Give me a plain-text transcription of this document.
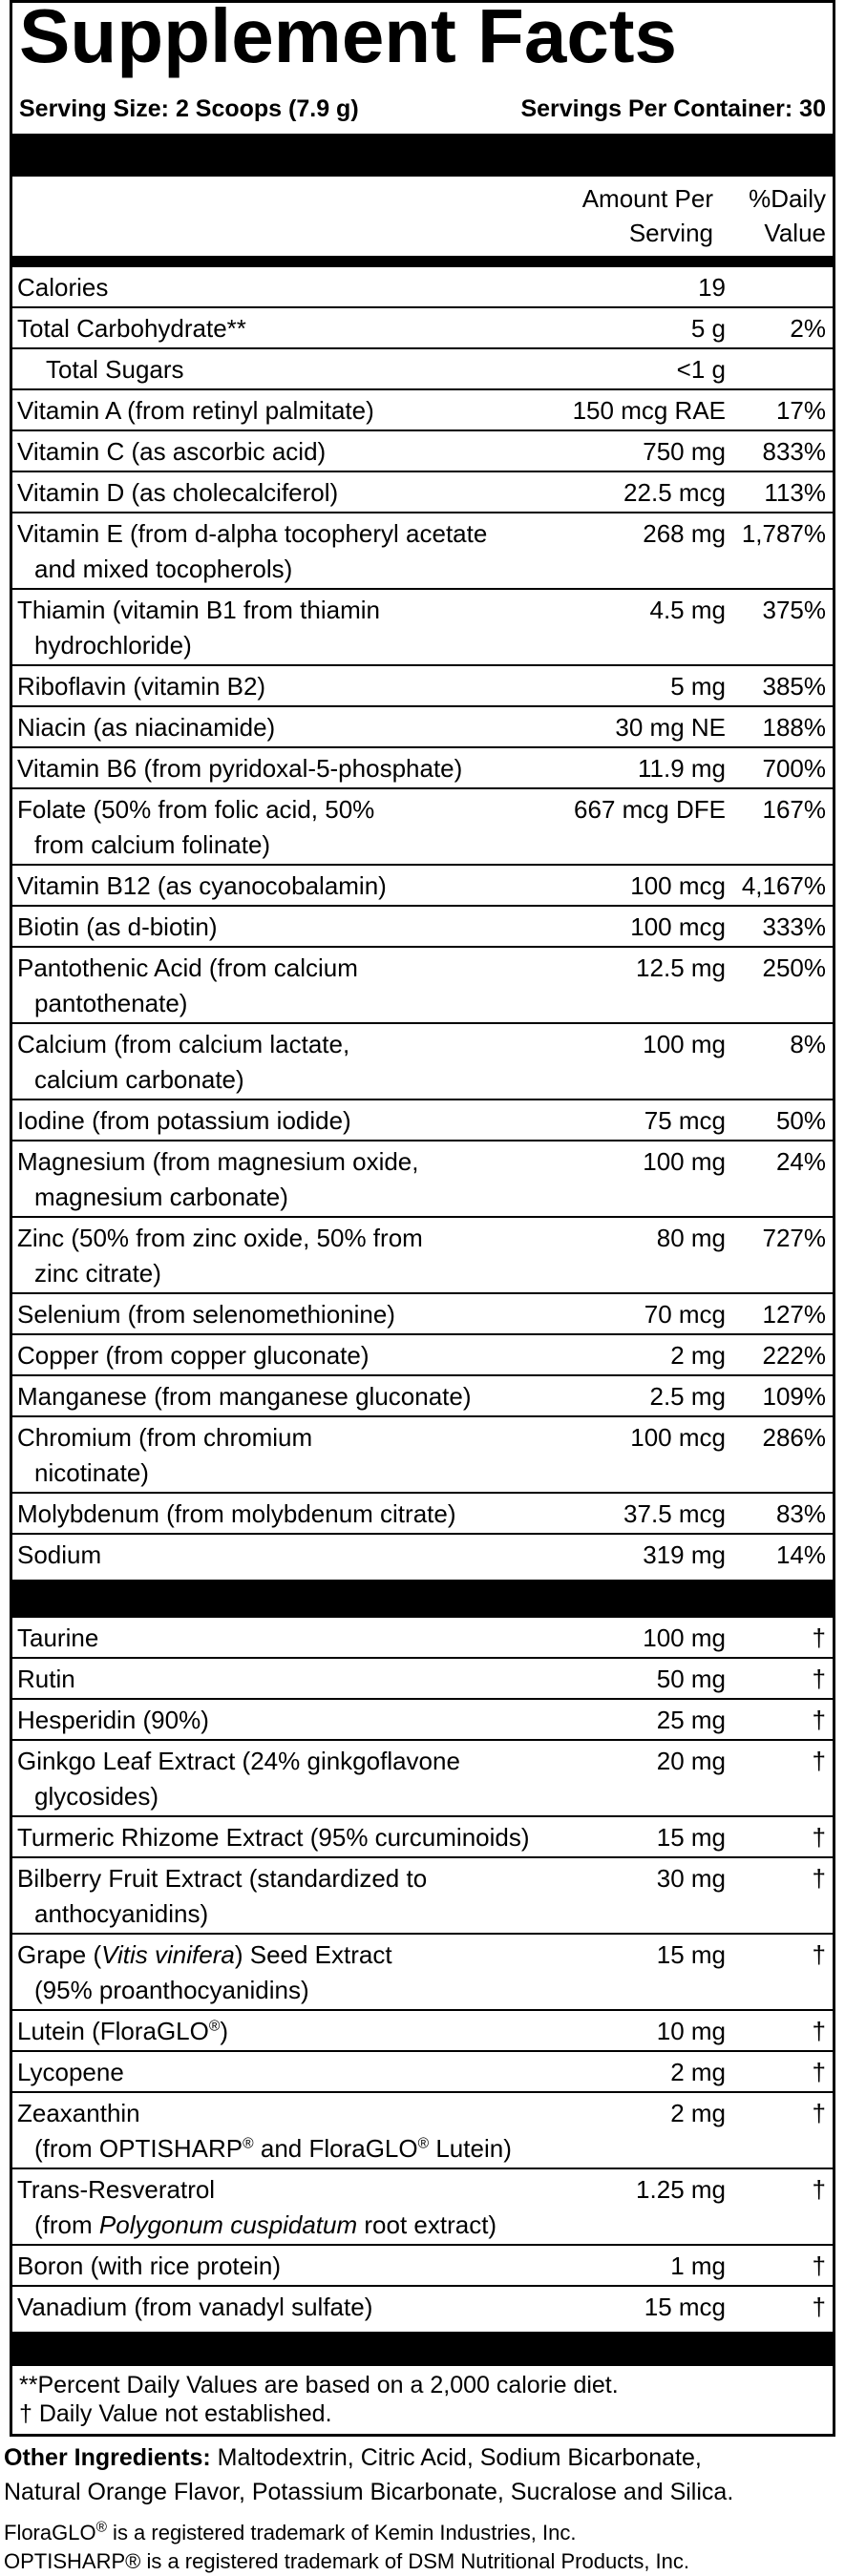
Supplement Facts
Serving Size: 2 Scoops (7.9 g)	Servings Per Container: 30
Amount Per
Serving
%Daily
Value
Calories	19
Total Carbohydrate**	5 g	2%
Total Sugars	<1 g
Vitamin A (from retinyl palmitate)	150 mcg RAE 17%
Vitamin C (as ascorbic acid)	750 mg 833%
Vitamin D (as cholecalciferol)	22.5 mcg 113%
Vitamin E (from d-alpha tocopheryl acetate
and mixed tocopherols)
268 mg 1,787%
Thiamin (vitamin B1 from thiamin
hydrochloride)
4.5 mg 375%
Riboflavin (vitamin B2)	5 mg 385%
Niacin (as niacinamide)	30 mg NE 188%
Vitamin B6 (from pyridoxal-5-phosphate)	11.9 mg 700%
Folate (50% from folic acid, 50%
from calcium folinate)
667 mcg DFE 167%
Vitamin B12 (as cyanocobalamin)	100 mcg 4,167%
Biotin (as d-biotin)	100 mcg 333%
Pantothenic Acid (from calcium
pantothenate)
12.5 mg 250%
Calcium (from calcium lactate,
calcium carbonate)
100 mg	8%
Iodine (from potassium iodide)	75 mcg 50%
Magnesium (from magnesium oxide,
magnesium carbonate)
100 mg 24%
Zinc (50% from zinc oxide, 50% from
zinc citrate)
80 mg 727%
Selenium (from selenomethionine)	70 mcg 127%
Copper (from copper gluconate)	2 mg 222%
Manganese (from manganese gluconate)	2.5 mg 109%
Chromium (from chromium
nicotinate)
100 mcg 286%
Molybdenum (from molybdenum citrate)	37.5 mcg 83%
Sodium	319 mg 14%
Taurine	100 mg	†
Rutin	50 mg	†
Hesperidin (90%)	25 mg	†
Ginkgo Leaf Extract (24% ginkgoflavone
glycosides)
20 mg	†
Turmeric Rhizome Extract (95% curcuminoids)	15 mg	†
Bilberry Fruit Extract (standardized to
anthocyanidins)
30 mg	†
Grape (Vitis vinifera) Seed Extract
(95% proanthocyanidins)
15 mg	†
Lutein (FloraGLO®)	10 mg	†
Lycopene	2 mg	†
Zeaxanthin
(from OPTISHARP® and FloraGLO® Lutein)
2 mg	†
Trans-Resveratrol
(from Polygonum cuspidatum root extract)
1.25 mg	†
Boron (with rice protein)	1 mg	†
Vanadium (from vanadyl sulfate)	15 mcg	†
**Percent Daily Values are based on a 2,000 calorie diet.
† Daily Value not established.
Other Ingredients: Maltodextrin, Citric Acid, Sodium Bicarbonate,
Natural Orange Flavor, Potassium Bicarbonate, Sucralose and Silica.
FloraGLO® is a registered trademark of Kemin Industries, Inc.
OPTISHARP® is a registered trademark of DSM Nutritional Products, Inc.
